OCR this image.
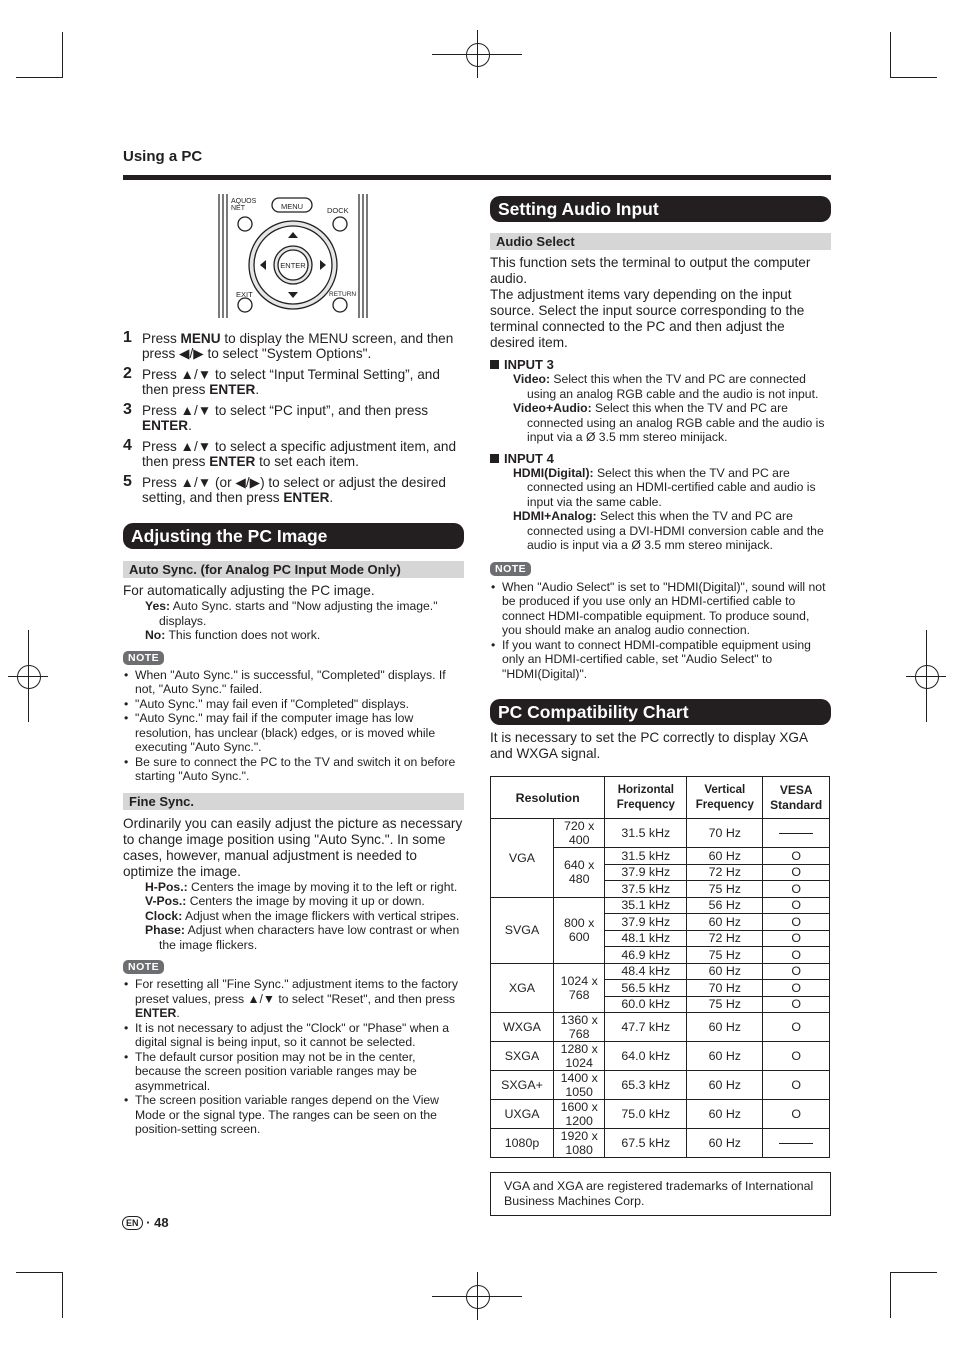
Using a PC
AQUOS
NET	MENU	DOCK
ENTER
EXIT	RETURN
1 Press MENU to display the MENU screen, and then press ◀/▶ to select "System Options".
2 Press ▲/▼ to select “Input Terminal Setting”, and then press ENTER.
3 Press ▲/▼ to select “PC input”, and then press ENTER.
4 Press ▲/▼ to select a specific adjustment item, and then press ENTER to set each item.
5 Press ▲/▼ (or ◀/▶) to select or adjust the desired setting, and then press ENTER.
Adjusting the PC Image
Auto Sync. (for Analog PC Input Mode Only)
For automatically adjusting the PC image.
Yes: Auto Sync. starts and "Now adjusting the image." displays.
No: This function does not work.
NOTE
• When "Auto Sync." is successful, "Completed" displays. If not, "Auto Sync." failed.
• "Auto Sync." may fail even if "Completed" displays.
• "Auto Sync." may fail if the computer image has low resolution, has unclear (black) edges, or is moved while executing "Auto Sync.".
• Be sure to connect the PC to the TV and switch it on before starting "Auto Sync.".
Fine Sync.
Ordinarily you can easily adjust the picture as necessary to change image position using "Auto Sync.". In some cases, however, manual adjustment is needed to optimize the image.
H-Pos.: Centers the image by moving it to the left or right.
V-Pos.: Centers the image by moving it up or down.
Clock: Adjust when the image flickers with vertical stripes.
Phase: Adjust when characters have low contrast or when the image flickers.
NOTE
• For resetting all "Fine Sync." adjustment items to the factory preset values, press ▲/▼ to select "Reset", and then press ENTER.
• It is not necessary to adjust the "Clock" or "Phase" when a digital signal is being input, so it cannot be selected.
• The default cursor position may not be in the center, because the screen position variable ranges may be asymmetrical.
• The screen position variable ranges depend on the View Mode or the signal type. The ranges can be seen on the position-setting screen.
Setting Audio Input
Audio Select
This function sets the terminal to output the computer audio.
The adjustment items vary depending on the input source. Select the input source corresponding to the terminal connected to the PC and then adjust the desired item.
INPUT 3
Video: Select this when the TV and PC are connected using an analog RGB cable and the audio is not input.
Video+Audio: Select this when the TV and PC are connected using an analog RGB cable and the audio is input via a Ø 3.5 mm stereo minijack.
INPUT 4
HDMI(Digital): Select this when the TV and PC are connected using an HDMI-certified cable and audio is input via the same cable.
HDMI+Analog: Select this when the TV and PC are connected using a DVI-HDMI conversion cable and the audio is input via a Ø 3.5 mm stereo minijack.
NOTE
• When "Audio Select" is set to "HDMI(Digital)", sound will not be produced if you use only an HDMI-certified cable to connect HDMI-compatible equipment. To produce sound, you should make an analog audio connection.
• If you want to connect HDMI-compatible equipment using only an HDMI-certified cable, set "Audio Select" to "HDMI(Digital)".
PC Compatibility Chart
It is necessary to set the PC correctly to display XGA and WXGA signal.
Resolution		Horizontal Frequency	Vertical Frequency	VESA Standard
VGA	720 x 400	31.5 kHz	70 Hz	
	640 x 480	31.5 kHz	60 Hz	O
		37.9 kHz	72 Hz	O
		37.5 kHz	75 Hz	O
SVGA	800 x 600	35.1 kHz	56 Hz	O
		37.9 kHz	60 Hz	O
		48.1 kHz	72 Hz	O
		46.9 kHz	75 Hz	O
XGA	1024 x 768	48.4 kHz	60 Hz	O
		56.5 kHz	70 Hz	O
		60.0 kHz	75 Hz	O
WXGA	1360 x 768	47.7 kHz	60 Hz	O
SXGA	1280 x 1024	64.0 kHz	60 Hz	O
SXGA+	1400 x 1050	65.3 kHz	60 Hz	O
UXGA	1600 x 1200	75.0 kHz	60 Hz	O
1080p	1920 x 1080	67.5 kHz	60 Hz	
VGA and XGA are registered trademarks of International Business Machines Corp.
EN · 48
